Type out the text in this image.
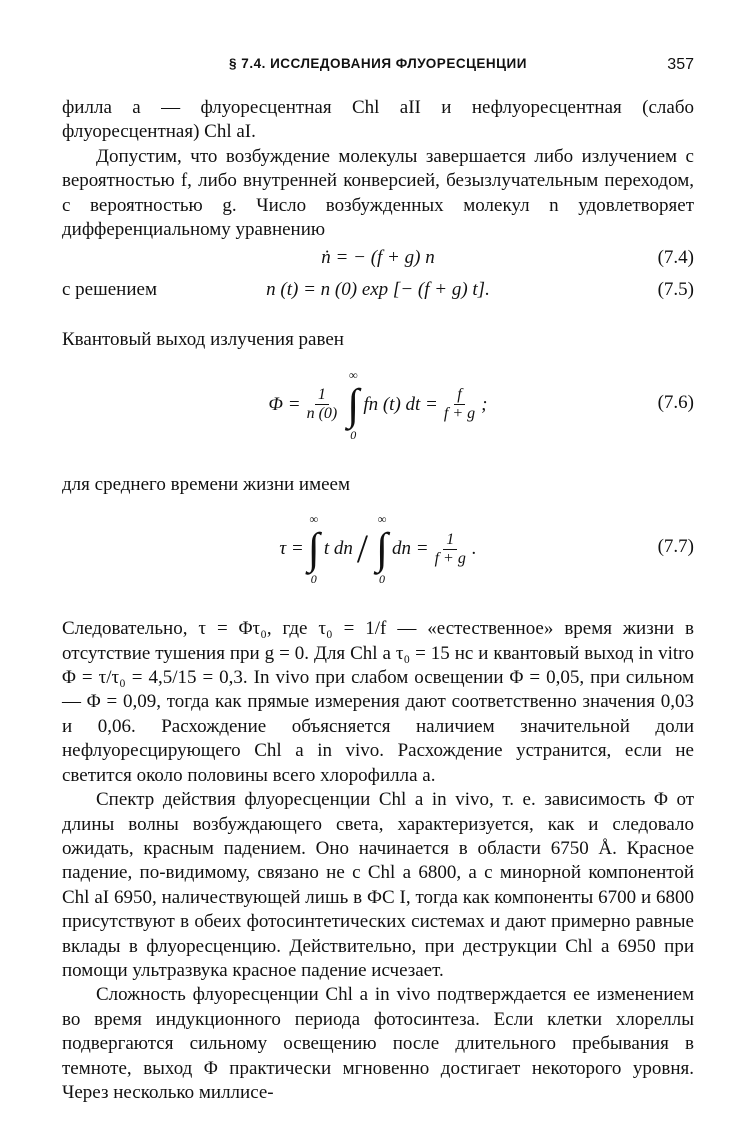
§ 7.4. ИССЛЕДОВАНИЯ ФЛУОРЕСЦЕНЦИИ	357

филла a — флуоресцентная Chl aII и нефлуоресцентная (слабо флуоресцентная) Chl aI.

Допустим, что возбуждение молекулы завершается либо излучением с вероятностью f, либо внутренней конверсией, безызлучательным переходом, с вероятностью g. Число возбужденных молекул n удовлетворяет дифференциальному уравнению

ṅ = − (f + g) n	(7.4)
с решением	n (t) = n (0) exp [− (f + g) t].	(7.5)

Квантовый выход излучения равен

$\Phi = \frac{1}{n (0)}$
∞
∫
0
fn (t) dt = $\frac{f}{f + g}$ ;	(7.6)

для среднего времени жизни имеем

τ =
∞
∫
0
t dn /
∞
∫
0
dn = $\frac{1}{f + g}$ .	(7.7)

Следовательно, τ = Φτ₀, где τ₀ = 1/f — «естественное» время жизни в отсутствие тушения при g = 0. Для Chl a τ₀ = 15 нс и квантовый выход in vitro Φ = τ/τ₀ = 4,5/15 = 0,3. In vivo при слабом освещении Φ = 0,05, при сильном — Φ = 0,09, тогда как прямые измерения дают соответственно значения 0,03 и 0,06. Расхождение объясняется наличием значительной доли нефлуоресцирующего Chl a in vivo. Расхождение устранится, если не светится около половины всего хлорофилла a.

Спектр действия флуоресценции Chl a in vivo, т. е. зависимость Φ от длины волны возбуждающего света, характеризуется, как и следовало ожидать, красным падением. Оно начинается в области 6750 Å. Красное падение, по-видимому, связано не с Chl a 6800, а с минорной компонентой Chl aI 6950, наличествующей лишь в ФС I, тогда как компоненты 6700 и 6800 присутствуют в обеих фотосинтетических системах и дают примерно равные вклады в флуоресценцию. Действительно, при деструкции Chl a 6950 при помощи ультразвука красное падение исчезает.

Сложность флуоресценции Chl a in vivo подтверждается ее изменением во время индукционного периода фотосинтеза. Если клетки хлореллы подвергаются сильному освещению после длительного пребывания в темноте, выход Φ практически мгновенно достигает некоторого уровня. Через несколько миллисе-
